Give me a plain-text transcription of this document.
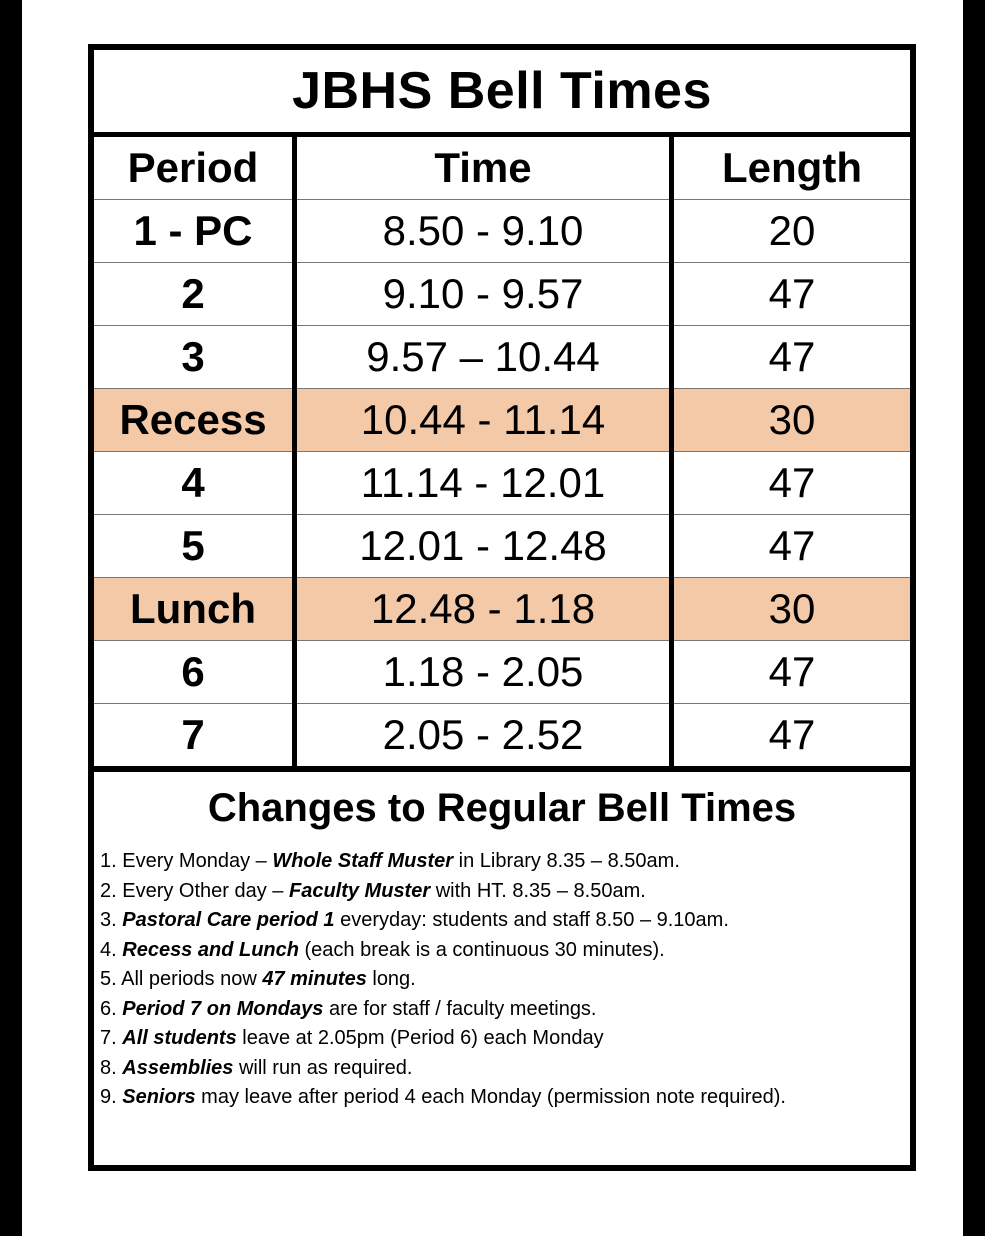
JBHS Bell Times
Period	Time	Length
1 - PC	8.50 - 9.10	20
2	9.10 - 9.57	47
3	9.57 – 10.44	47
Recess	10.44 - 11.14	30
4	11.14 - 12.01	47
5	12.01 - 12.48	47
Lunch	12.48 - 1.18	30
6	1.18 - 2.05	47
7	2.05 - 2.52	47
Changes to Regular Bell Times
1. Every Monday – Whole Staff Muster in Library 8.35 – 8.50am.
2. Every Other day – Faculty Muster with HT. 8.35 – 8.50am.
3. Pastoral Care period 1 everyday: students and staff 8.50 – 9.10am.
4. Recess and Lunch (each break is a continuous 30 minutes).
5. All periods now 47 minutes long.
6. Period 7 on Mondays are for staff / faculty meetings.
7. All students leave at 2.05pm (Period 6) each Monday
8. Assemblies will run as required.
9. Seniors may leave after period 4 each Monday (permission note required).
